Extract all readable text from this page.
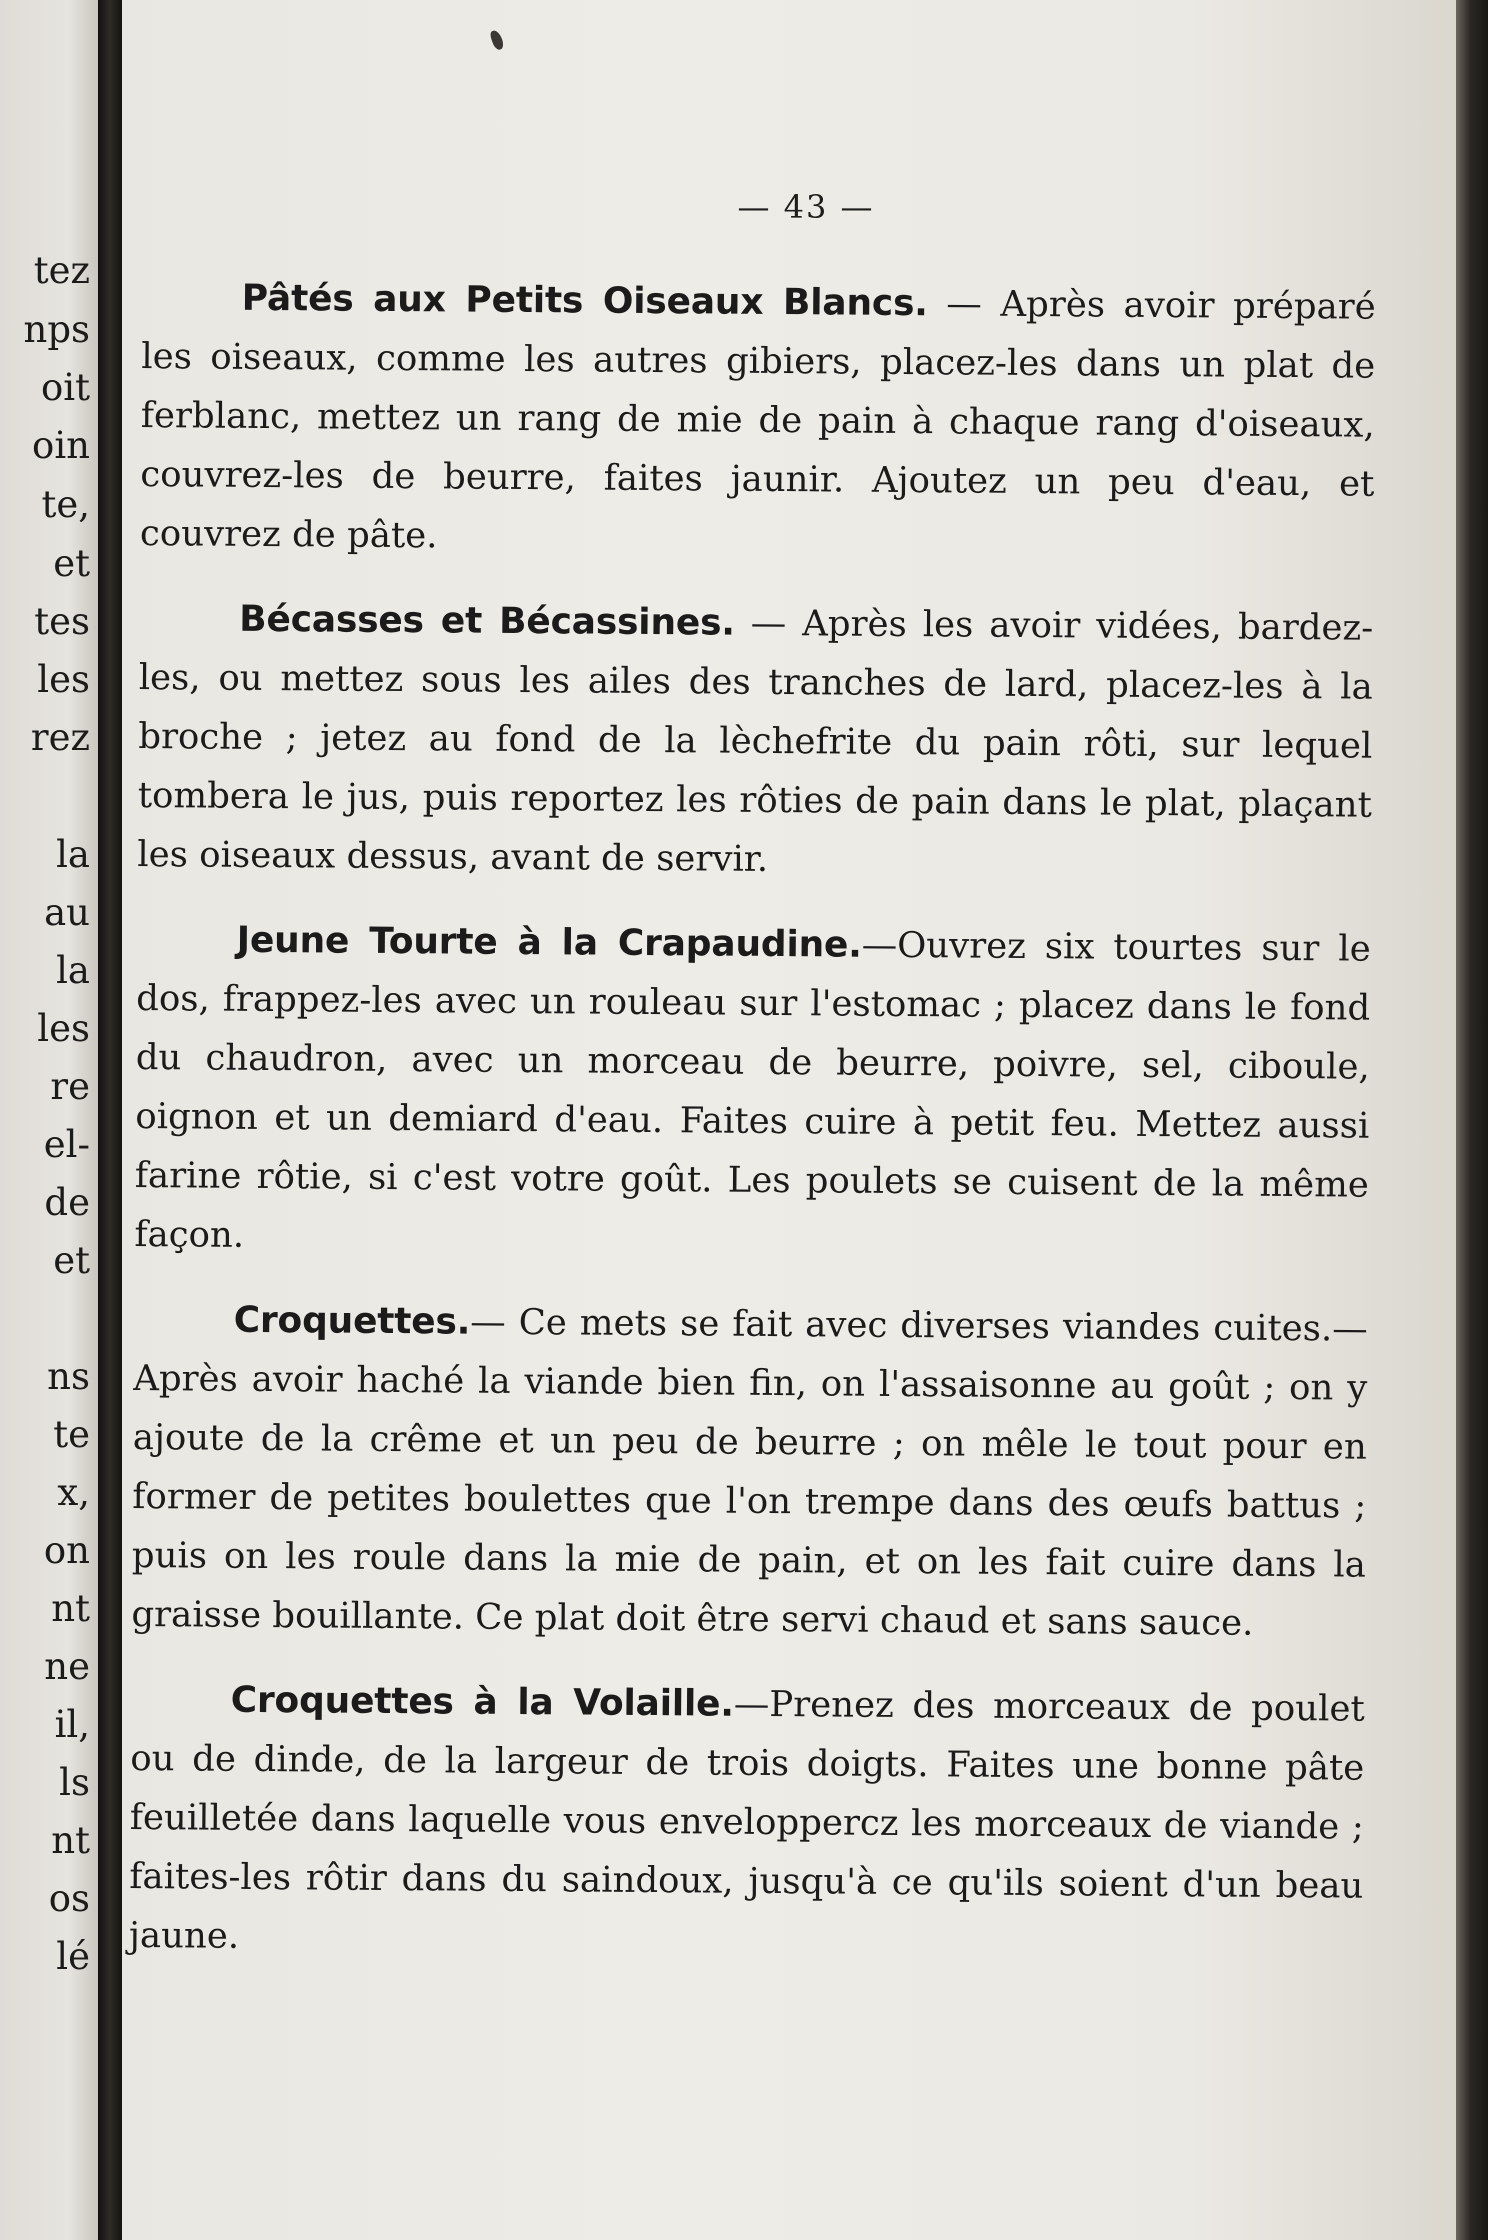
tez
nps
oit
oin
te,
et
tes
les
rez
la
au
la
les
re
el-
de
et
ns
te
x,
on
nt
ne
il,
ls
nt
os
lé
— 43 —

Pâtés aux Petits Oiseaux Blancs. — Après avoir préparé les oiseaux, comme les autres gibiers, placez-les dans un plat de ferblanc, mettez un rang de mie de pain à chaque rang d'oiseaux, couvrez-les de beurre, faites jaunir. Ajoutez un peu d'eau, et couvrez de pâte.

Bécasses et Bécassines. — Après les avoir vidées, bardez-les, ou mettez sous les ailes des tranches de lard, placez-les à la broche ; jetez au fond de la lèchefrite du pain rôti, sur lequel tombera le jus, puis reportez les rôties de pain dans le plat, plaçant les oiseaux dessus, avant de servir.

Jeune Tourte à la Crapaudine.—Ouvrez six tourtes sur le dos, frappez-les avec un rouleau sur l'estomac ; placez dans le fond du chaudron, avec un morceau de beurre, poivre, sel, ciboule, oignon et un demiard d'eau. Faites cuire à petit feu. Mettez aussi farine rôtie, si c'est votre goût. Les poulets se cuisent de la même façon.

Croquettes.— Ce mets se fait avec diverses viandes cuites.—Après avoir haché la viande bien fin, on l'assaisonne au goût ; on y ajoute de la crême et un peu de beurre ; on mêle le tout pour en former de petites boulettes que l'on trempe dans des œufs battus ; puis on les roule dans la mie de pain, et on les fait cuire dans la graisse bouillante. Ce plat doit être servi chaud et sans sauce.

Croquettes à la Volaille.—Prenez des morceaux de poulet ou de dinde, de la largeur de trois doigts. Faites une bonne pâte feuilletée dans laquelle vous enveloppercz les morceaux de viande ; faites-les rôtir dans du saindoux, jusqu'à ce qu'ils soient d'un beau jaune.
